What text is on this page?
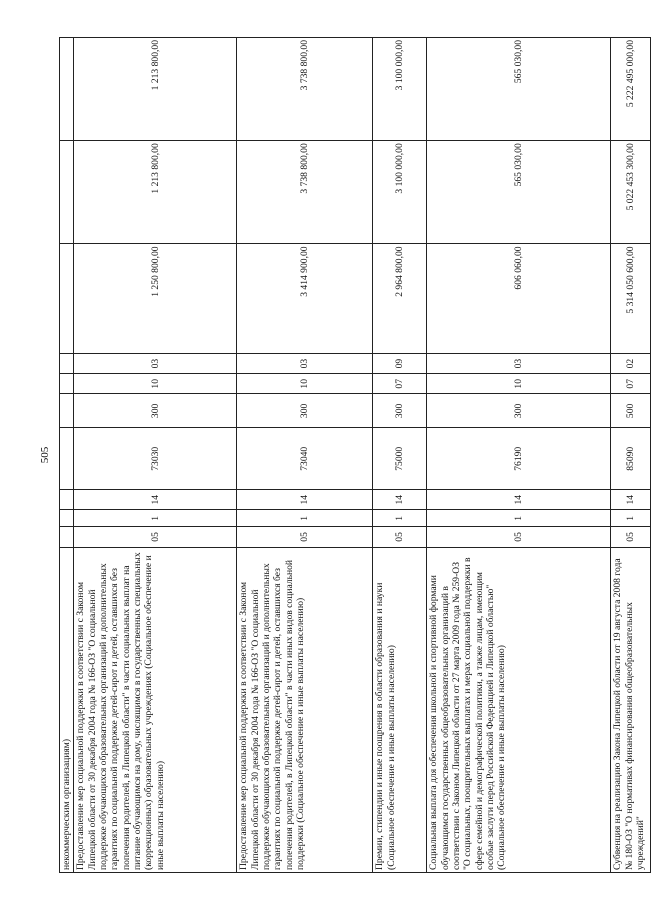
505
некоммерческим организациям)										
Предоставление мер социальной поддержки в соответствии с Законом Липецкой области от 30 декабря 2004 года № 166-ОЗ "О социальной поддержке обучающихся образовательных организаций и дополнительных гарантиях по социальной поддержке детей-сирот и детей, оставшихся без попечения родителей, в Липецкой области" в части социальных выплат на питание обучающимся на дому, числящимся в государственных специальных (коррекционных) образовательных учреждениях (Социальное обеспечение и иные выплаты населению)	05	1	14	73030	300	10	03	1 250 800,00	1 213 800,00	1 213 800,00
Предоставление мер социальной поддержки в соответствии с Законом Липецкой области от 30 декабря 2004 года № 166-ОЗ "О социальной поддержке обучающихся образовательных организаций и дополнительных гарантиях по социальной поддержке детей-сирот и детей, оставшихся без попечения родителей, в Липецкой области" в части иных видов социальной поддержки (Социальное обеспечение и иные выплаты населению)	05	1	14	73040	300	10	03	3 414 900,00	3 738 800,00	3 738 800,00
Премии, стипендии и иные поощрения в области образования и науки (Социальное обеспечение и иные выплаты населению)	05	1	14	75000	300	07	09	2 964 800,00	3 100 000,00	3 100 000,00
Социальная выплата для обеспечения школьной и спортивной формами обучающимся государственных общеобразовательных организаций в соответствии с Законом Липецкой области от 27 марта 2009 года № 259-ОЗ "О социальных, поощрительных выплатах и мерах социальной поддержки в сфере семейной и демографической политики, а также лицам, имеющим особые заслуги перед Российской Федерацией и Липецкой областью" (Социальное обеспечение и иные выплаты населению)	05	1	14	76190	300	10	03	606 060,00	565 030,00	565 030,00
Субвенция на реализацию Закона Липецкой области от 19 августа 2008 года № 180-ОЗ "О нормативах финансирования общеобразовательных учреждений"	05	1	14	85090	500	07	02	5 314 050 600,00	5 022 453 300,00	5 222 495 000,00
